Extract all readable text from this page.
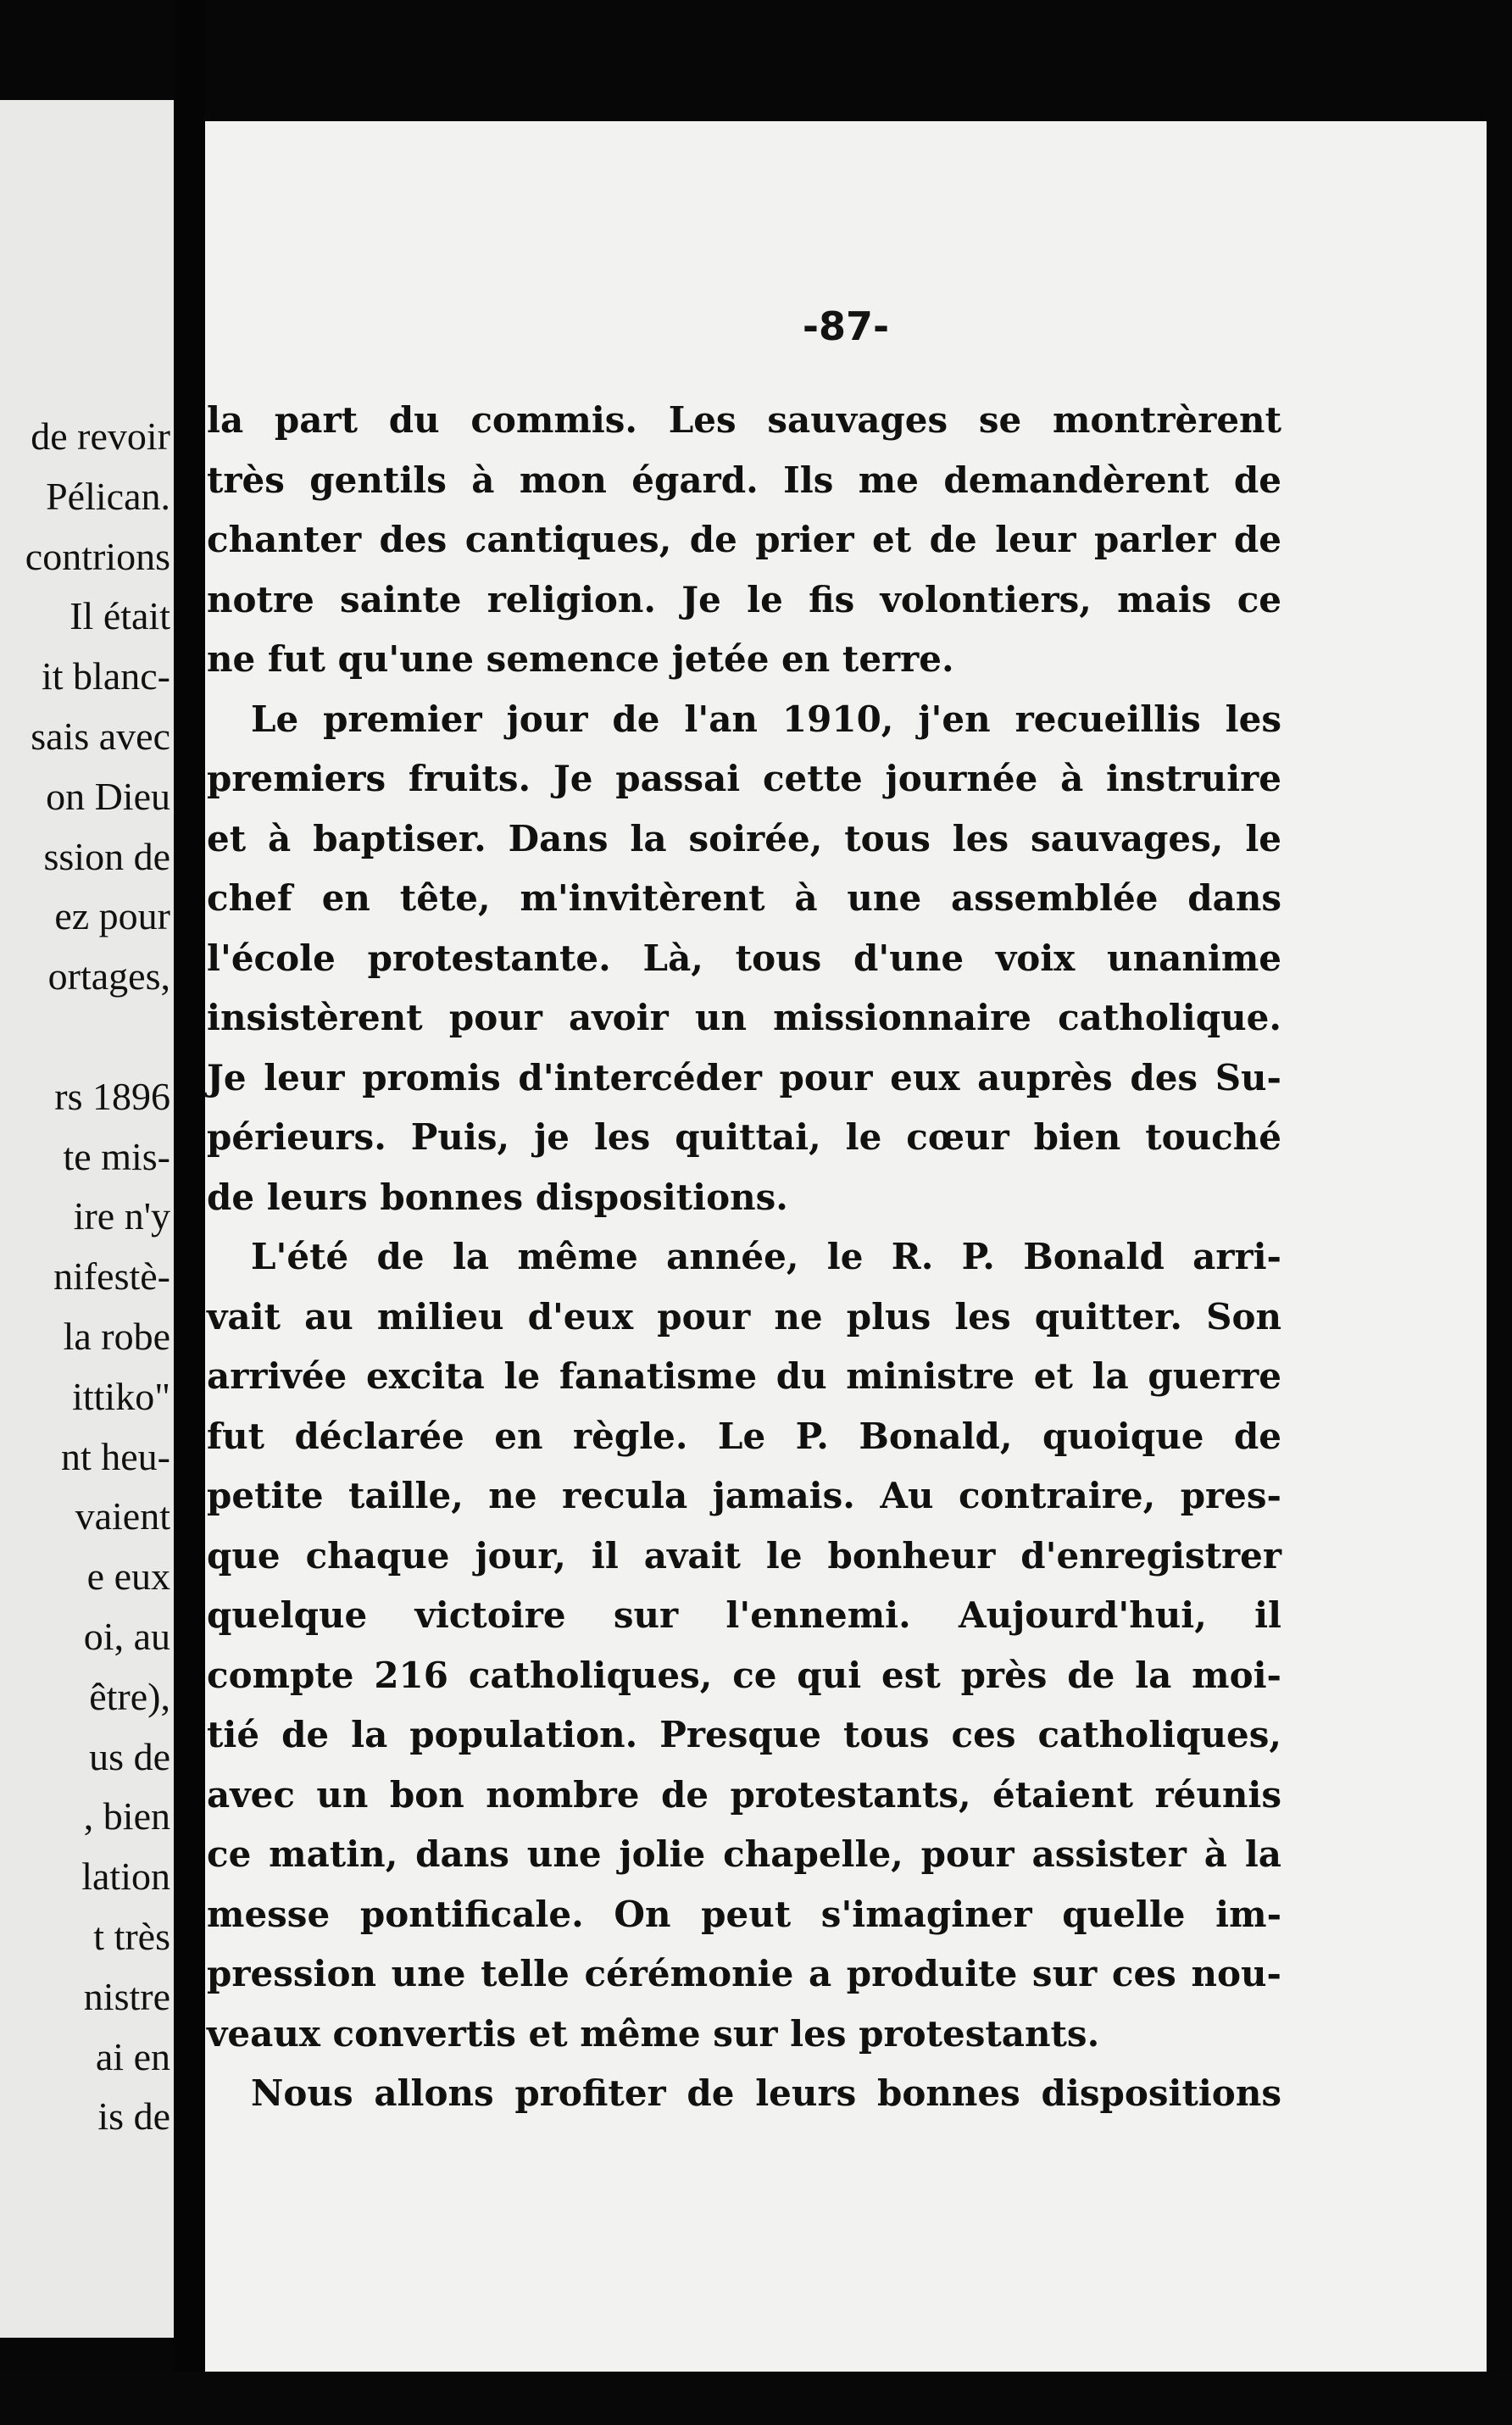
de revoir
Pélican.
contrions
Il était
it blanc-
sais avec
on Dieu
ssion de
ez pour
ortages,

rs 1896
te mis-
ire n'y
nifestè-
la robe
ittiko"
nt heu-
vaient
e eux
oi, au
être),
us de
, bien
lation
t très
nistre
ai en
is de
-87-
la part du commis. Les sauvages se montrèrent
très gentils à mon égard. Ils me demandèrent de
chanter des cantiques, de prier et de leur parler de
notre sainte religion. Je le fis volontiers, mais ce
ne fut qu'une semence jetée en terre.
Le premier jour de l'an 1910, j'en recueillis les
premiers fruits. Je passai cette journée à instruire
et à baptiser. Dans la soirée, tous les sauvages, le
chef en tête, m'invitèrent à une assemblée dans
l'école protestante. Là, tous d'une voix unanime
insistèrent pour avoir un missionnaire catholique.
Je leur promis d'intercéder pour eux auprès des Su-
périeurs. Puis, je les quittai, le cœur bien touché
de leurs bonnes dispositions.
L'été de la même année, le R. P. Bonald arri-
vait au milieu d'eux pour ne plus les quitter. Son
arrivée excita le fanatisme du ministre et la guerre
fut déclarée en règle. Le P. Bonald, quoique de
petite taille, ne recula jamais. Au contraire, pres-
que chaque jour, il avait le bonheur d'enregistrer
quelque victoire sur l'ennemi. Aujourd'hui, il
compte 216 catholiques, ce qui est près de la moi-
tié de la population. Presque tous ces catholiques,
avec un bon nombre de protestants, étaient réunis
ce matin, dans une jolie chapelle, pour assister à la
messe pontificale. On peut s'imaginer quelle im-
pression une telle cérémonie a produite sur ces nou-
veaux convertis et même sur les protestants.
Nous allons profiter de leurs bonnes dispositions
